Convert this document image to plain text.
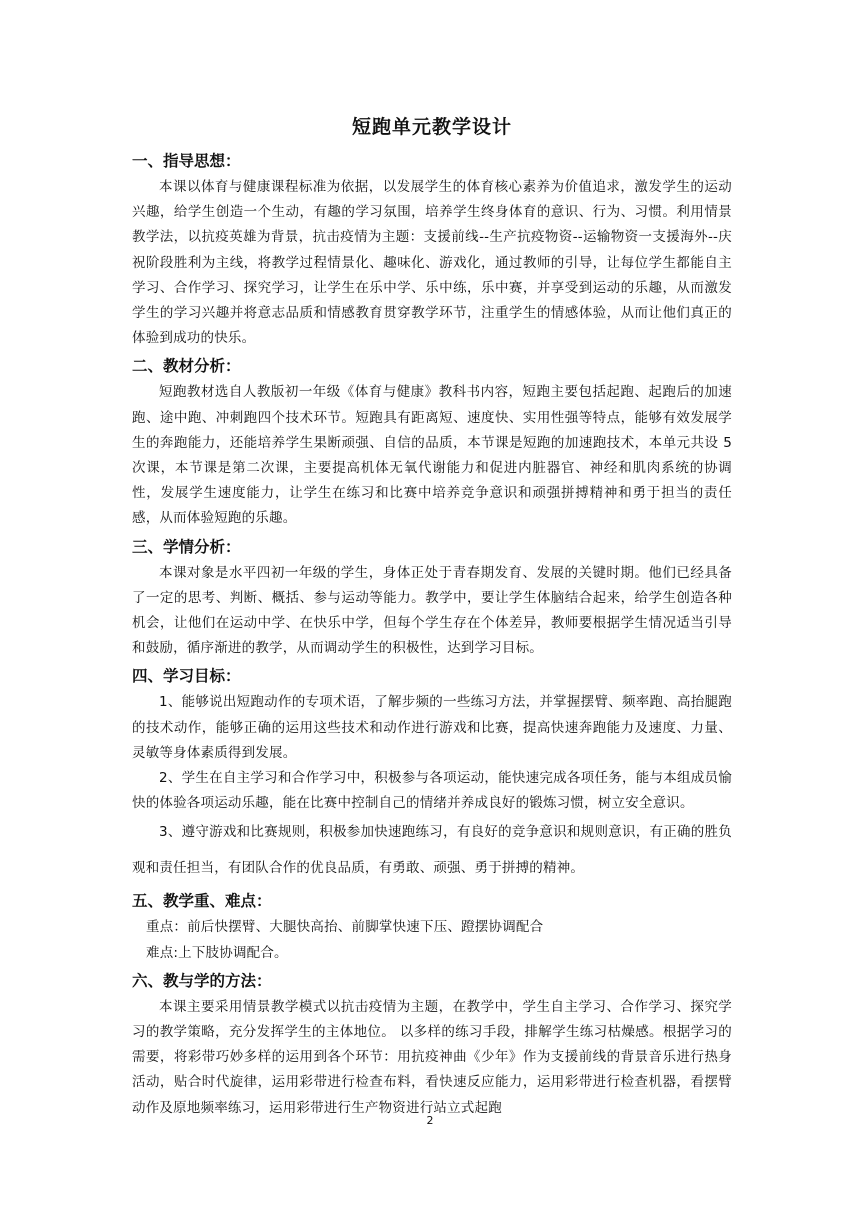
短跑单元教学设计
一、指导思想：

本课以体育与健康课程标准为依据，以发展学生的体育核心素养为价值追求，激发学生的运动兴趣，给学生创造一个生动，有趣的学习氛围，培养学生终身体育的意识、行为、习惯。利用情景教学法，以抗疫英雄为背景，抗击疫情为主题：支援前线--生产抗疫物资--运输物资一支援海外--庆祝阶段胜利为主线，将教学过程情景化、趣味化、游戏化，通过教师的引导，让每位学生都能自主学习、合作学习、探究学习，让学生在乐中学、乐中练，乐中赛，并享受到运动的乐趣，从而激发学生的学习兴趣并将意志品质和情感教育贯穿教学环节，注重学生的情感体验，从而让他们真正的体验到成功的快乐。

二、教材分析：

短跑教材选自人教版初一年级《体育与健康》教科书内容，短跑主要包括起跑、起跑后的加速跑、途中跑、冲刺跑四个技术环节。短跑具有距离短、速度快、实用性强等特点，能够有效发展学生的奔跑能力，还能培养学生果断顽强、自信的品质，本节课是短跑的加速跑技术，本单元共设 5 次课，本节课是第二次课，主要提高机体无氧代谢能力和促进内脏器官、神经和肌肉系统的协调性，发展学生速度能力，让学生在练习和比赛中培养竞争意识和顽强拼搏精神和勇于担当的责任感，从而体验短跑的乐趣。

三、学情分析：

本课对象是水平四初一年级的学生，身体正处于青春期发育、发展的关键时期。他们已经具备了一定的思考、判断、概括、参与运动等能力。教学中，要让学生体脑结合起来，给学生创造各种机会，让他们在运动中学、在快乐中学，但每个学生存在个体差异，教师要根据学生情况适当引导和鼓励，循序渐进的教学，从而调动学生的积极性，达到学习目标。

四、学习目标：

1、能够说出短跑动作的专项术语，了解步频的一些练习方法，并掌握摆臂、频率跑、高抬腿跑的技术动作，能够正确的运用这些技术和动作进行游戏和比赛，提高快速奔跑能力及速度、力量、灵敏等身体素质得到发展。

2、学生在自主学习和合作学习中，积极参与各项运动，能快速完成各项任务，能与本组成员愉快的体验各项运动乐趣，能在比赛中控制自己的情绪并养成良好的锻炼习惯，树立安全意识。

3、遵守游戏和比赛规则，积极参加快速跑练习，有良好的竞争意识和规则意识，有正确的胜负观和责任担当，有团队合作的优良品质，有勇敢、顽强、勇于拼搏的精神。

五、教学重、难点：

重点：前后快摆臂、大腿快高抬、前脚掌快速下压、蹬摆协调配合

难点:上下肢协调配合。

六、教与学的方法：

本课主要采用情景教学模式以抗击疫情为主题，在教学中，学生自主学习、合作学习、探究学习的教学策略，充分发挥学生的主体地位。 以多样的练习手段，排解学生练习枯燥感。根据学习的需要，将彩带巧妙多样的运用到各个环节：用抗疫神曲《少年》作为支援前线的背景音乐进行热身活动，贴合时代旋律，运用彩带进行检查布料，看快速反应能力，运用彩带进行检查机器，看摆臂动作及原地频率练习，运用彩带进行生产物资进行站立式起跑

2
